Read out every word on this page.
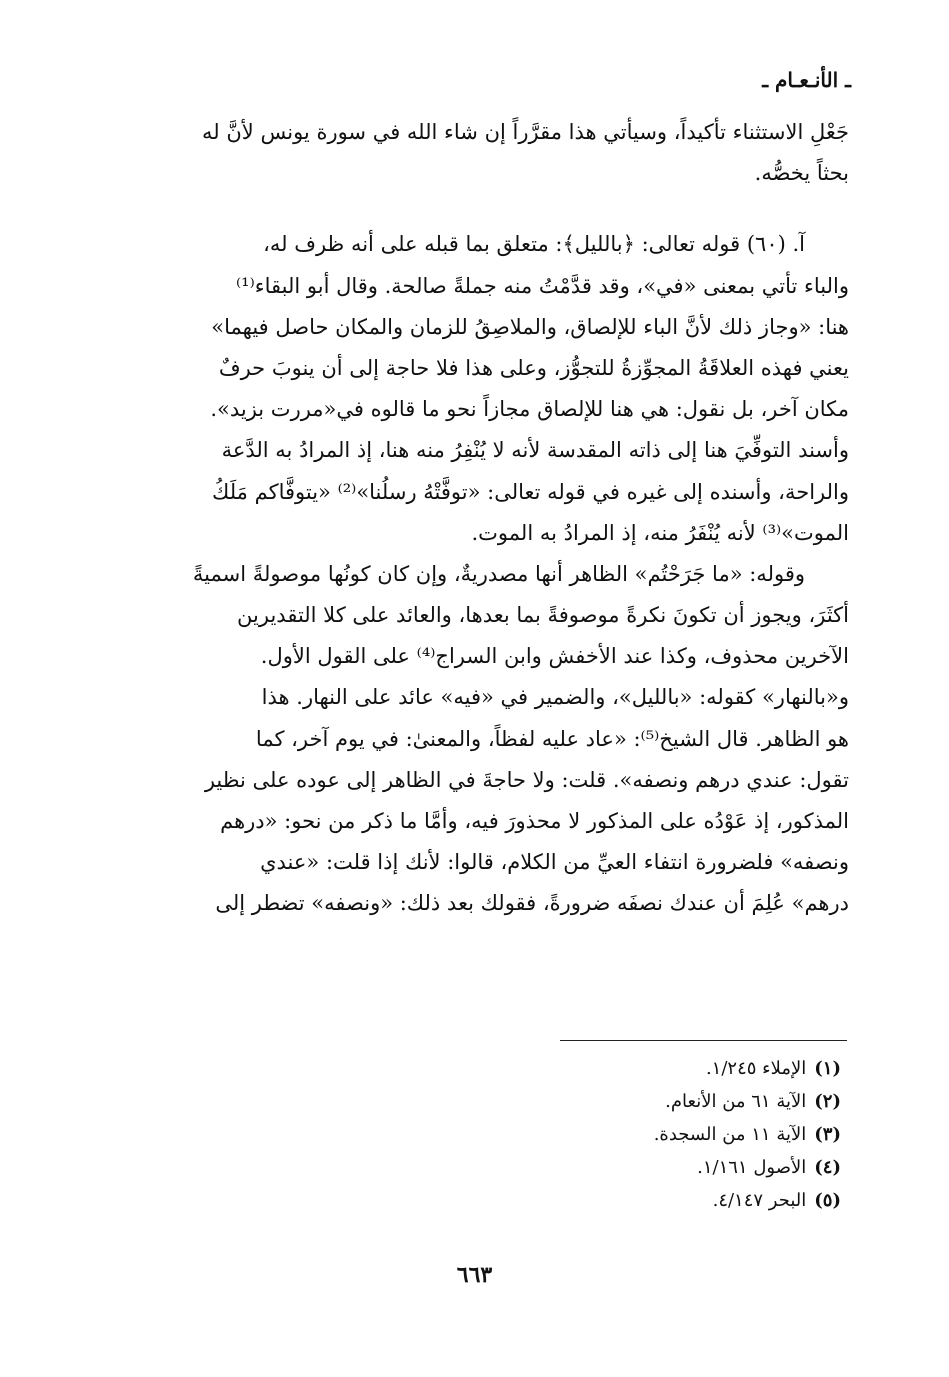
ـ الأنـعـام ـ
جَعْلِ الاستثناء تأكيداً، وسيأتي هذا مقرَّراً إن شاء الله في سورة يونس لأنَّ له
بحثاً يخصُّه.
آ. (٦٠) قوله تعالى: ﴿بالليل﴾: متعلق بما قبله على أنه ظرف له،
والباء تأتي بمعنى «في»، وقد قدَّمْتُ منه جملةً صالحة. وقال أبو البقاء⁽¹⁾
هنا: «وجاز ذلك لأنَّ الباء للإلصاق، والملاصِقُ للزمان والمكان حاصل فيهما»
يعني فهذه العلاقَةُ المجوِّزةُ للتجوُّز، وعلى هذا فلا حاجة إلى أن ينوبَ حرفٌ
مكان آخر، بل نقول: هي هنا للإلصاق مجازاً نحو ما قالوه في«مررت بزيد».
وأسند التوفِّيَ هنا إلى ذاته المقدسة لأنه لا يُنْفِرُ منه هنا، إذ المرادُ به الدَّعة
والراحة، وأسنده إلى غيره في قوله تعالى: «توفَّتْهُ رسلُنا»⁽²⁾ «يتوفَّاكم مَلَكُ
الموت»⁽³⁾ لأنه يُنْفَرُ منه، إذ المرادُ به الموت.
وقوله: «ما جَرَحْتُم» الظاهر أنها مصدريةٌ، وإن كان كونُها موصولةً اسميةً
أكثَرَ، ويجوز أن تكونَ نكرةً موصوفةً بما بعدها، والعائد على كلا التقديرين
الآخرين محذوف، وكذا عند الأخفش وابن السراج⁽⁴⁾ على القول الأول.
و«بالنهار» كقوله: «بالليل»، والضمير في «فيه» عائد على النهار. هذا
هو الظاهر. قال الشيخ⁽⁵⁾: «عاد عليه لفظاً، والمعنىٰ: في يوم آخر، كما
تقول: عندي درهم ونصفه». قلت: ولا حاجةَ في الظاهر إلى عوده على نظير
المذكور، إذ عَوْدُه على المذكور لا محذورَ فيه، وأمَّا ما ذكر من نحو: «درهم
ونصفه» فلضرورة انتفاء العيِّ من الكلام، قالوا: لأنك إذا قلت: «عندي
درهم» عُلِمَ أن عندك نصفَه ضرورةً، فقولك بعد ذلك: «ونصفه» تضطر إلى
(١)الإملاء ١/٢٤٥.
(٢)الآية ٦١ من الأنعام.
(٣)الآية ١١ من السجدة.
(٤)الأصول ١/١٦١.
(٥)البحر ٤/١٤٧.
٦٦٣
